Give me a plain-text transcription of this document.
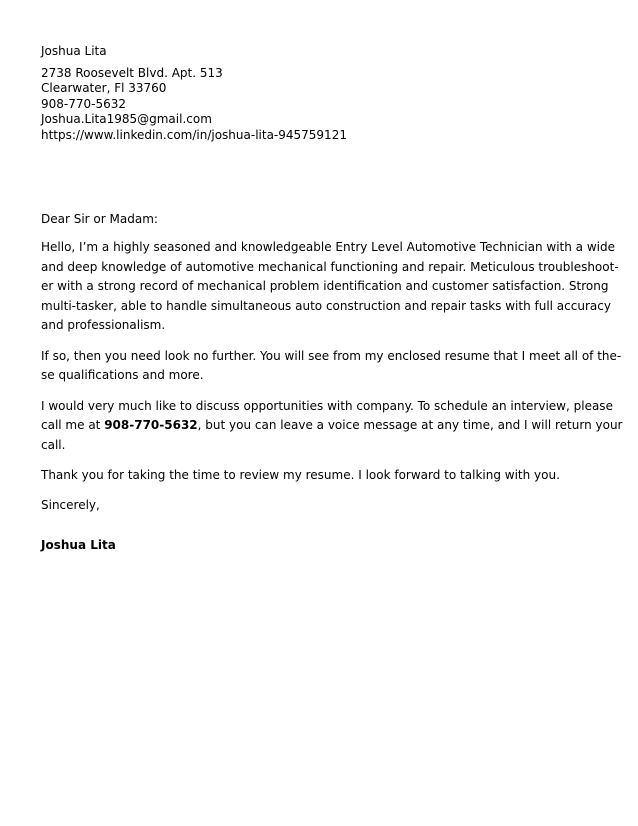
Joshua Lita
2738 Roosevelt Blvd. Apt. 513
Clearwater, Fl 33760
908-770-5632
Joshua.Lita1985@gmail.com
https://www.linkedin.com/in/joshua-lita-945759121

Dear Sir or Madam:

Hello, I’m a highly seasoned and knowledgeable Entry Level Automotive Technician with a wide
and deep knowledge of automotive mechanical functioning and repair. Meticulous troubleshoot-
er with a strong record of mechanical problem identification and customer satisfaction. Strong
multi-tasker, able to handle simultaneous auto construction and repair tasks with full accuracy
and professionalism.

If so, then you need look no further. You will see from my enclosed resume that I meet all of the-
se qualifications and more.

I would very much like to discuss opportunities with company. To schedule an interview, please
call me at 908-770-5632, but you can leave a voice message at any time, and I will return your
call.

Thank you for taking the time to review my resume. I look forward to talking with you.

Sincerely,

Joshua Lita
